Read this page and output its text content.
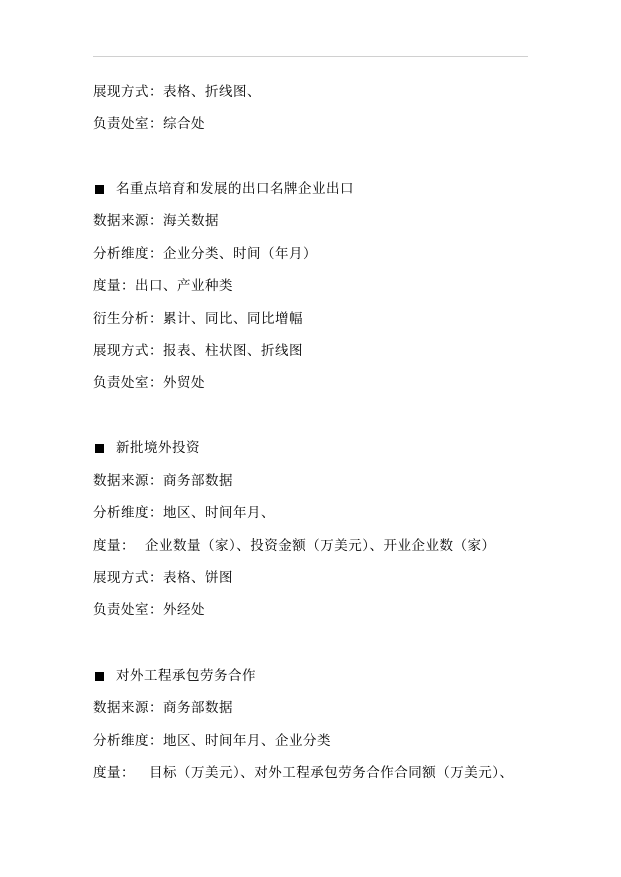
展现方式：表格、折线图、
负责处室：综合处
名重点培育和发展的出口名牌企业出口
数据来源：海关数据
分析维度：企业分类、时间（年月）
度量：出口、产业种类
衍生分析：累计、同比、同比增幅
展现方式：报表、柱状图、折线图
负责处室：外贸处
新批境外投资
数据来源：商务部数据
分析维度：地区、时间年月、
度量： 企业数量（家）、投资金额（万美元）、开业企业数（家）
展现方式：表格、饼图
负责处室：外经处
对外工程承包劳务合作
数据来源：商务部数据
分析维度：地区、时间年月、企业分类
度量： 目标（万美元）、对外工程承包劳务合作合同额（万美元）、
